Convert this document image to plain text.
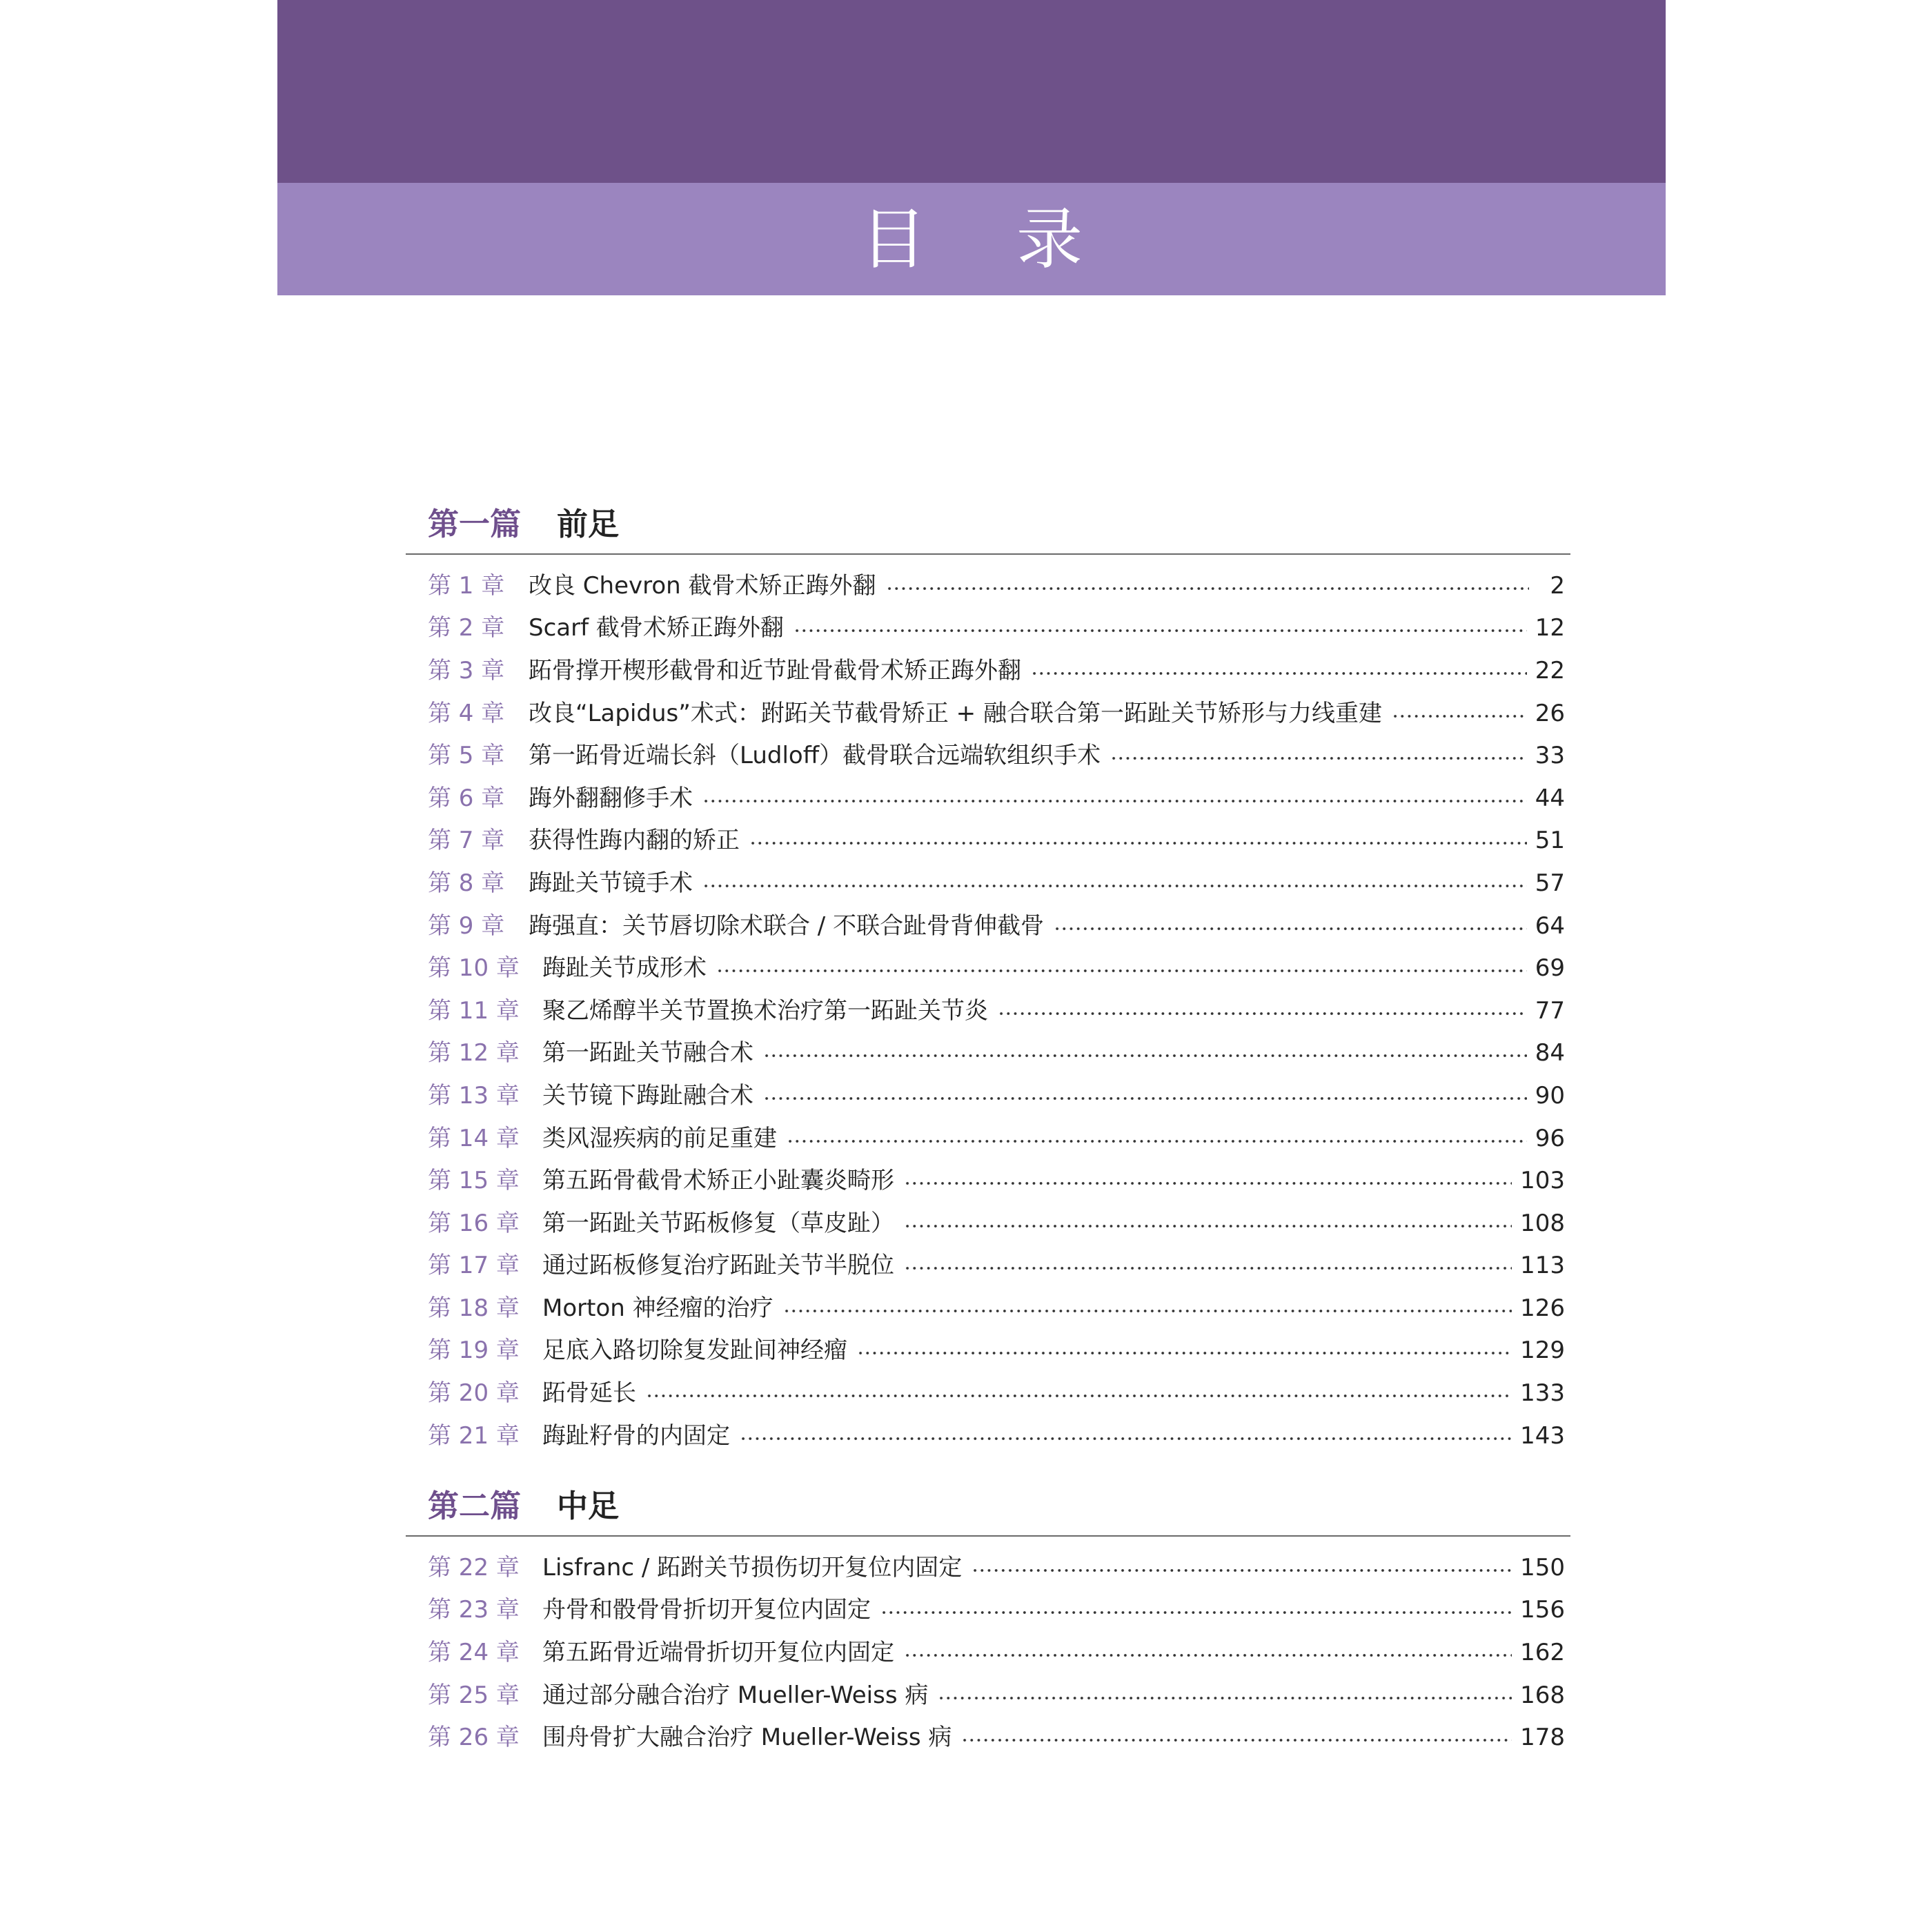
目 录
第一篇 前足
第 1 章	改良 Chevron 截骨术矫正踇外翻	2
第 2 章	Scarf 截骨术矫正踇外翻	12
第 3 章	跖骨撑开楔形截骨和近节趾骨截骨术矫正踇外翻	22
第 4 章	改良“Lapidus”术式：跗跖关节截骨矫正 + 融合联合第一跖趾关节矫形与力线重建	26
第 5 章	第一跖骨近端长斜（Ludloff）截骨联合远端软组织手术	33
第 6 章	踇外翻翻修手术	44
第 7 章	获得性踇内翻的矫正	51
第 8 章	踇趾关节镜手术	57
第 9 章	踇强直：关节唇切除术联合 / 不联合趾骨背伸截骨	64
第 10 章 踇趾关节成形术	69
第 11 章 聚乙烯醇半关节置换术治疗第一跖趾关节炎	77
第 12 章 第一跖趾关节融合术	84
第 13 章 关节镜下踇趾融合术	90
第 14 章 类风湿疾病的前足重建	96
第 15 章 第五跖骨截骨术矫正小趾囊炎畸形	103
第 16 章 第一跖趾关节跖板修复（草皮趾）	108
第 17 章 通过跖板修复治疗跖趾关节半脱位	113
第 18 章 Morton 神经瘤的治疗	126
第 19 章 足底入路切除复发趾间神经瘤	129
第 20 章 跖骨延长	133
第 21 章 踇趾籽骨的内固定	143
第二篇 中足
第 22 章 Lisfranc / 跖跗关节损伤切开复位内固定	150
第 23 章 舟骨和骰骨骨折切开复位内固定	156
第 24 章 第五跖骨近端骨折切开复位内固定	162
第 25 章 通过部分融合治疗 Mueller-Weiss 病	168
第 26 章 围舟骨扩大融合治疗 Mueller-Weiss 病	178
